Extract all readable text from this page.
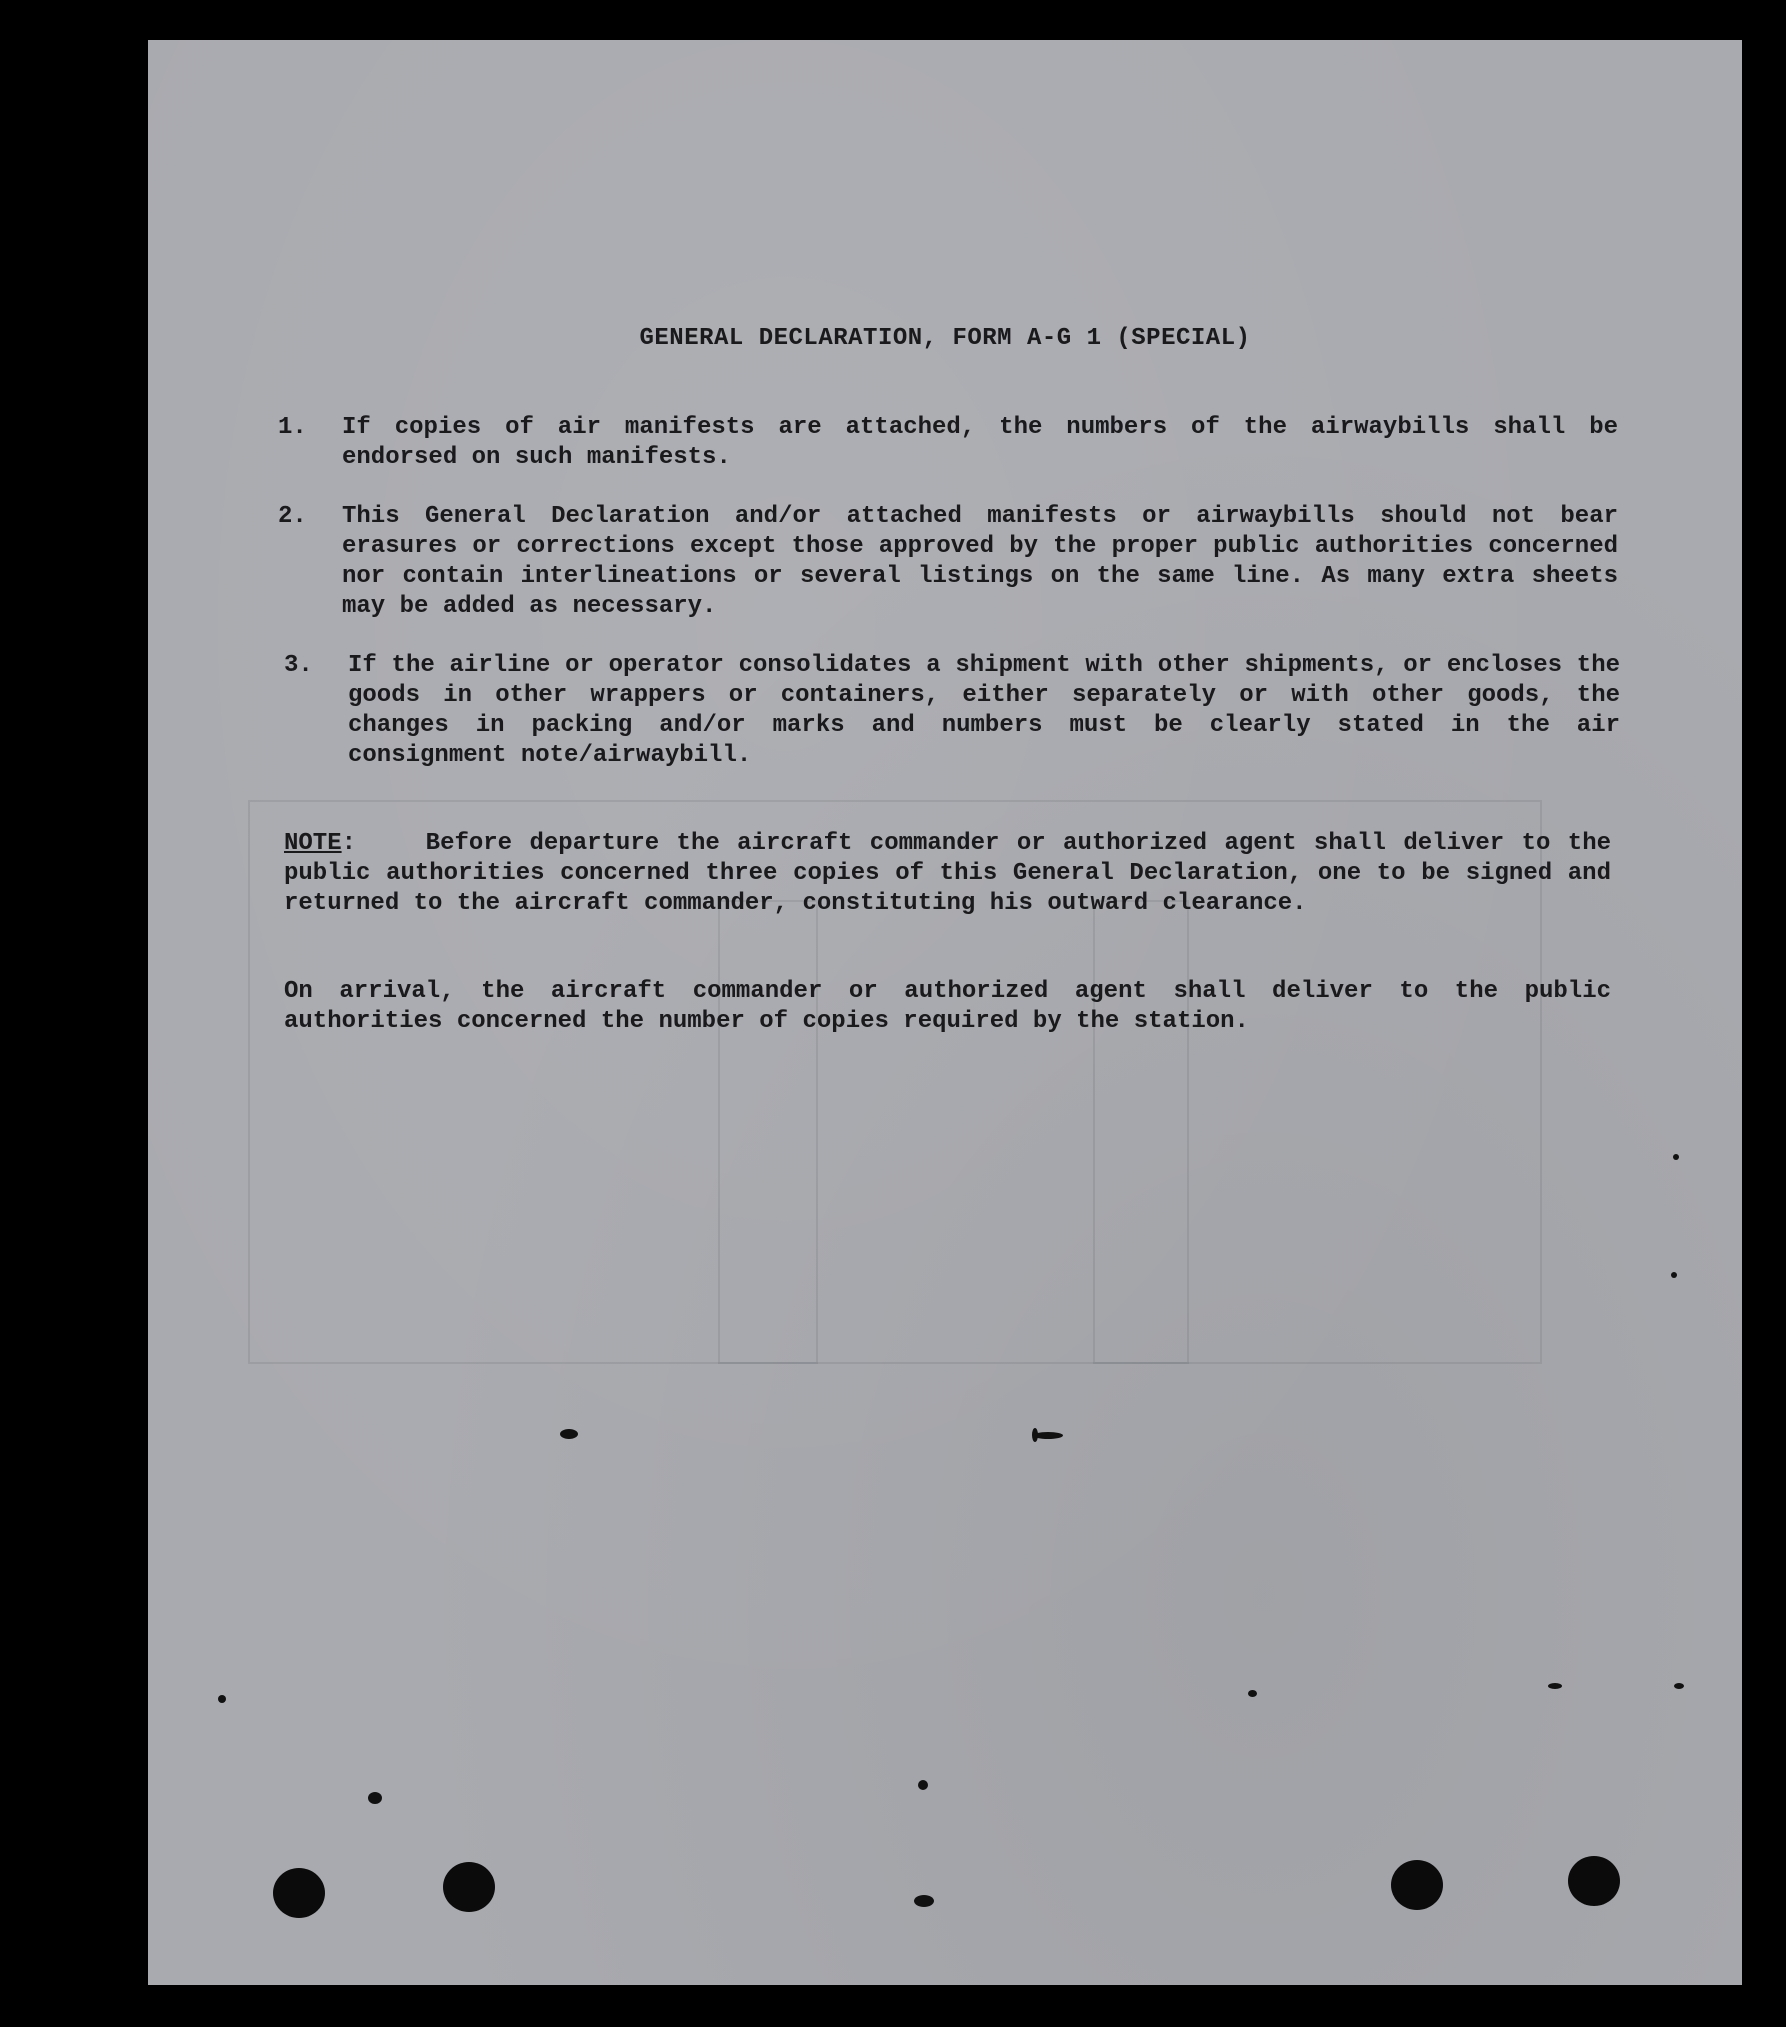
GENERAL DECLARATION, FORM A-G 1 (SPECIAL)
1. If copies of air manifests are attached, the numbers of the airwaybills shall be endorsed on such manifests.
2. This General Declaration and/or attached manifests or airwaybills should not bear erasures or corrections except those approved by the proper public authorities concerned nor contain interlineations or several listings on the same line. As many extra sheets may be added as necessary.
3. If the airline or operator consolidates a shipment with other shipments, or encloses the goods in other wrappers or containers, either separately or with other goods, the changes in packing and/or marks and numbers must be clearly stated in the air consignment note/airwaybill.
NOTE:    Before departure the aircraft commander or authorized agent shall deliver to the public authorities concerned three copies of this General Declaration, one to be signed and returned to the aircraft commander, constituting his outward clearance.
On arrival, the aircraft commander or authorized agent shall deliver to the public authorities concerned the number of copies required by the station.
